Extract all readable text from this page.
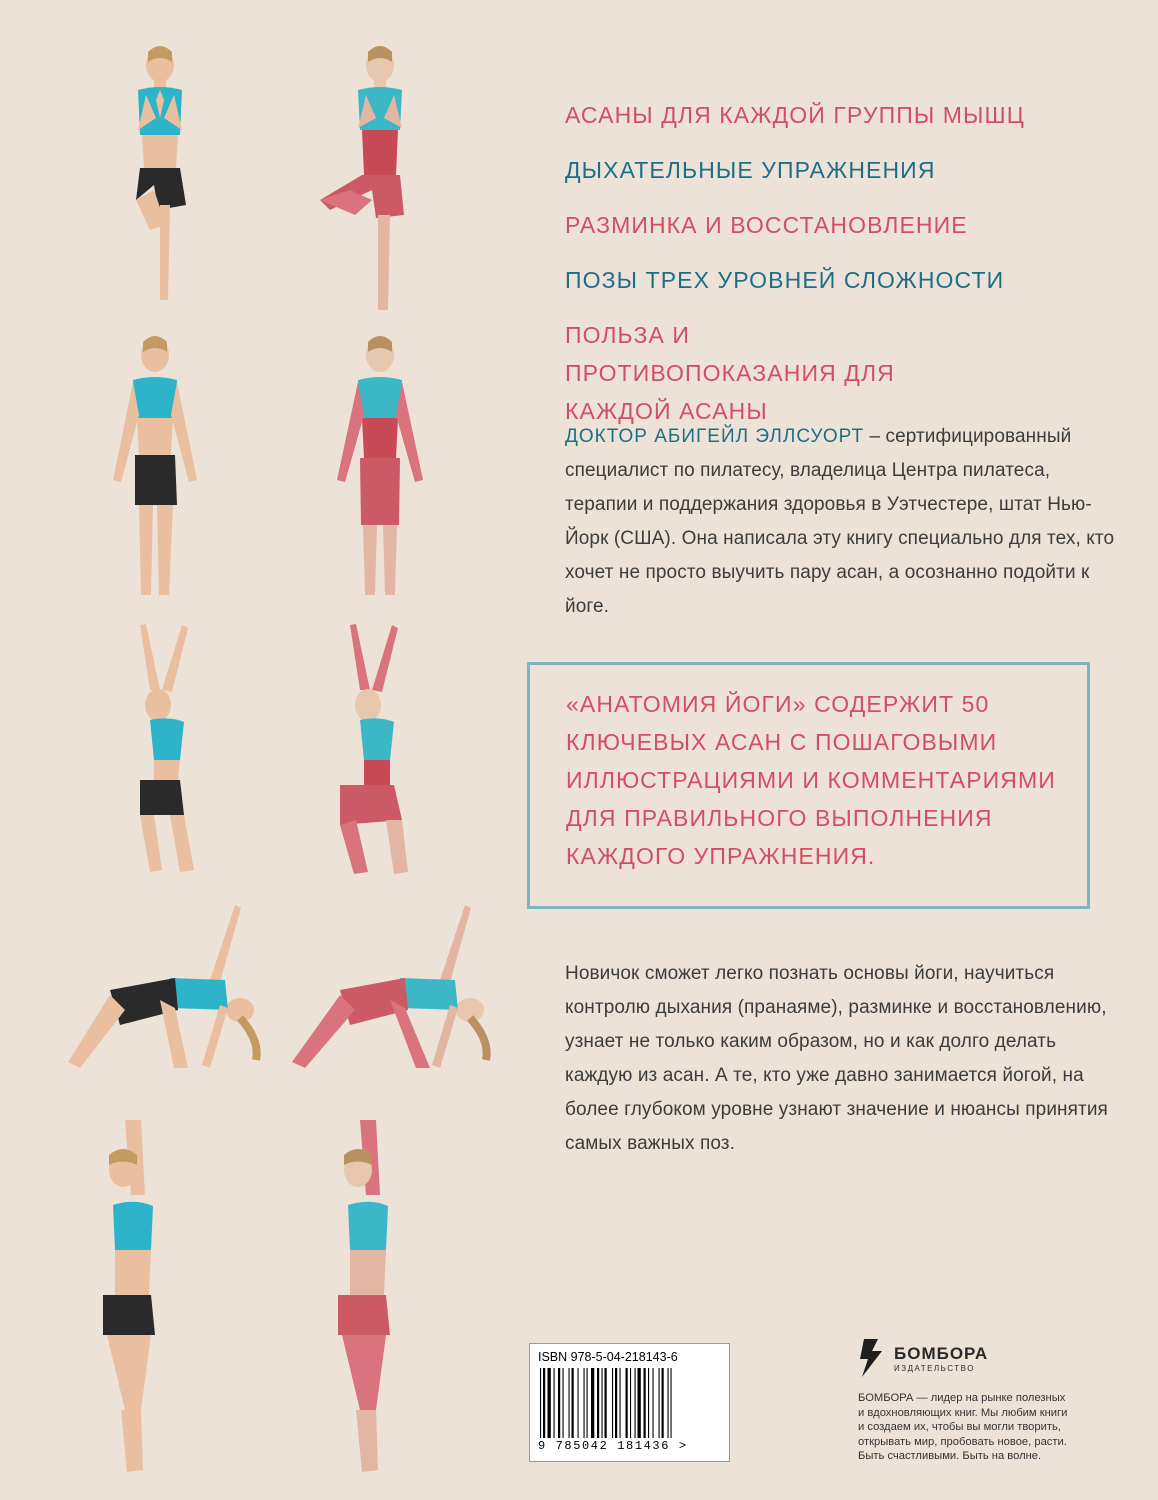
АСАНЫ ДЛЯ КАЖДОЙ ГРУППЫ МЫШЦ
ДЫХАТЕЛЬНЫЕ УПРАЖНЕНИЯ
РАЗМИНКА И ВОССТАНОВЛЕНИЕ
ПОЗЫ ТРЕХ УРОВНЕЙ СЛОЖНОСТИ
ПОЛЬЗА И ПРОТИВОПОКАЗАНИЯ ДЛЯ КАЖДОЙ АСАНЫ
ДОКТОР АБИГЕЙЛ ЭЛЛСУОРТ – сертифицированный специалист по пилатесу, владелица Центра пилатеса, терапии и поддержания здоровья в Уэтчестере, штат Нью-Йорк (США). Она написала эту книгу специально для тех, кто хочет не просто выучить пару асан, а осознанно подойти к йоге.

«АНАТОМИЯ ЙОГИ» СОДЕРЖИТ 50 КЛЮЧЕВЫХ АСАН С ПОШАГОВЫМИ ИЛЛЮСТРАЦИЯМИ И КОММЕНТАРИЯМИ ДЛЯ ПРАВИЛЬНОГО ВЫПОЛНЕНИЯ КАЖДОГО УПРАЖНЕНИЯ.

Новичок сможет легко познать основы йоги, научиться контролю дыхания (пранаяме), разминке и восстановлению, узнает не только каким образом, но и как долго делать каждую из асан. А те, кто уже давно занимается йогой, на более глубоком уровне узнают значение и нюансы принятия самых важных поз.
ISBN 978-5-04-218143-6
9 785042 181436 >
БОМБОРА
ИЗДАТЕЛЬСТВО
БОМБОРА — лидер на рынке полезных и вдохновляющих книг. Мы любим книги и создаем их, чтобы вы могли творить, открывать мир, пробовать новое, расти. Быть счастливыми. Быть на волне.
